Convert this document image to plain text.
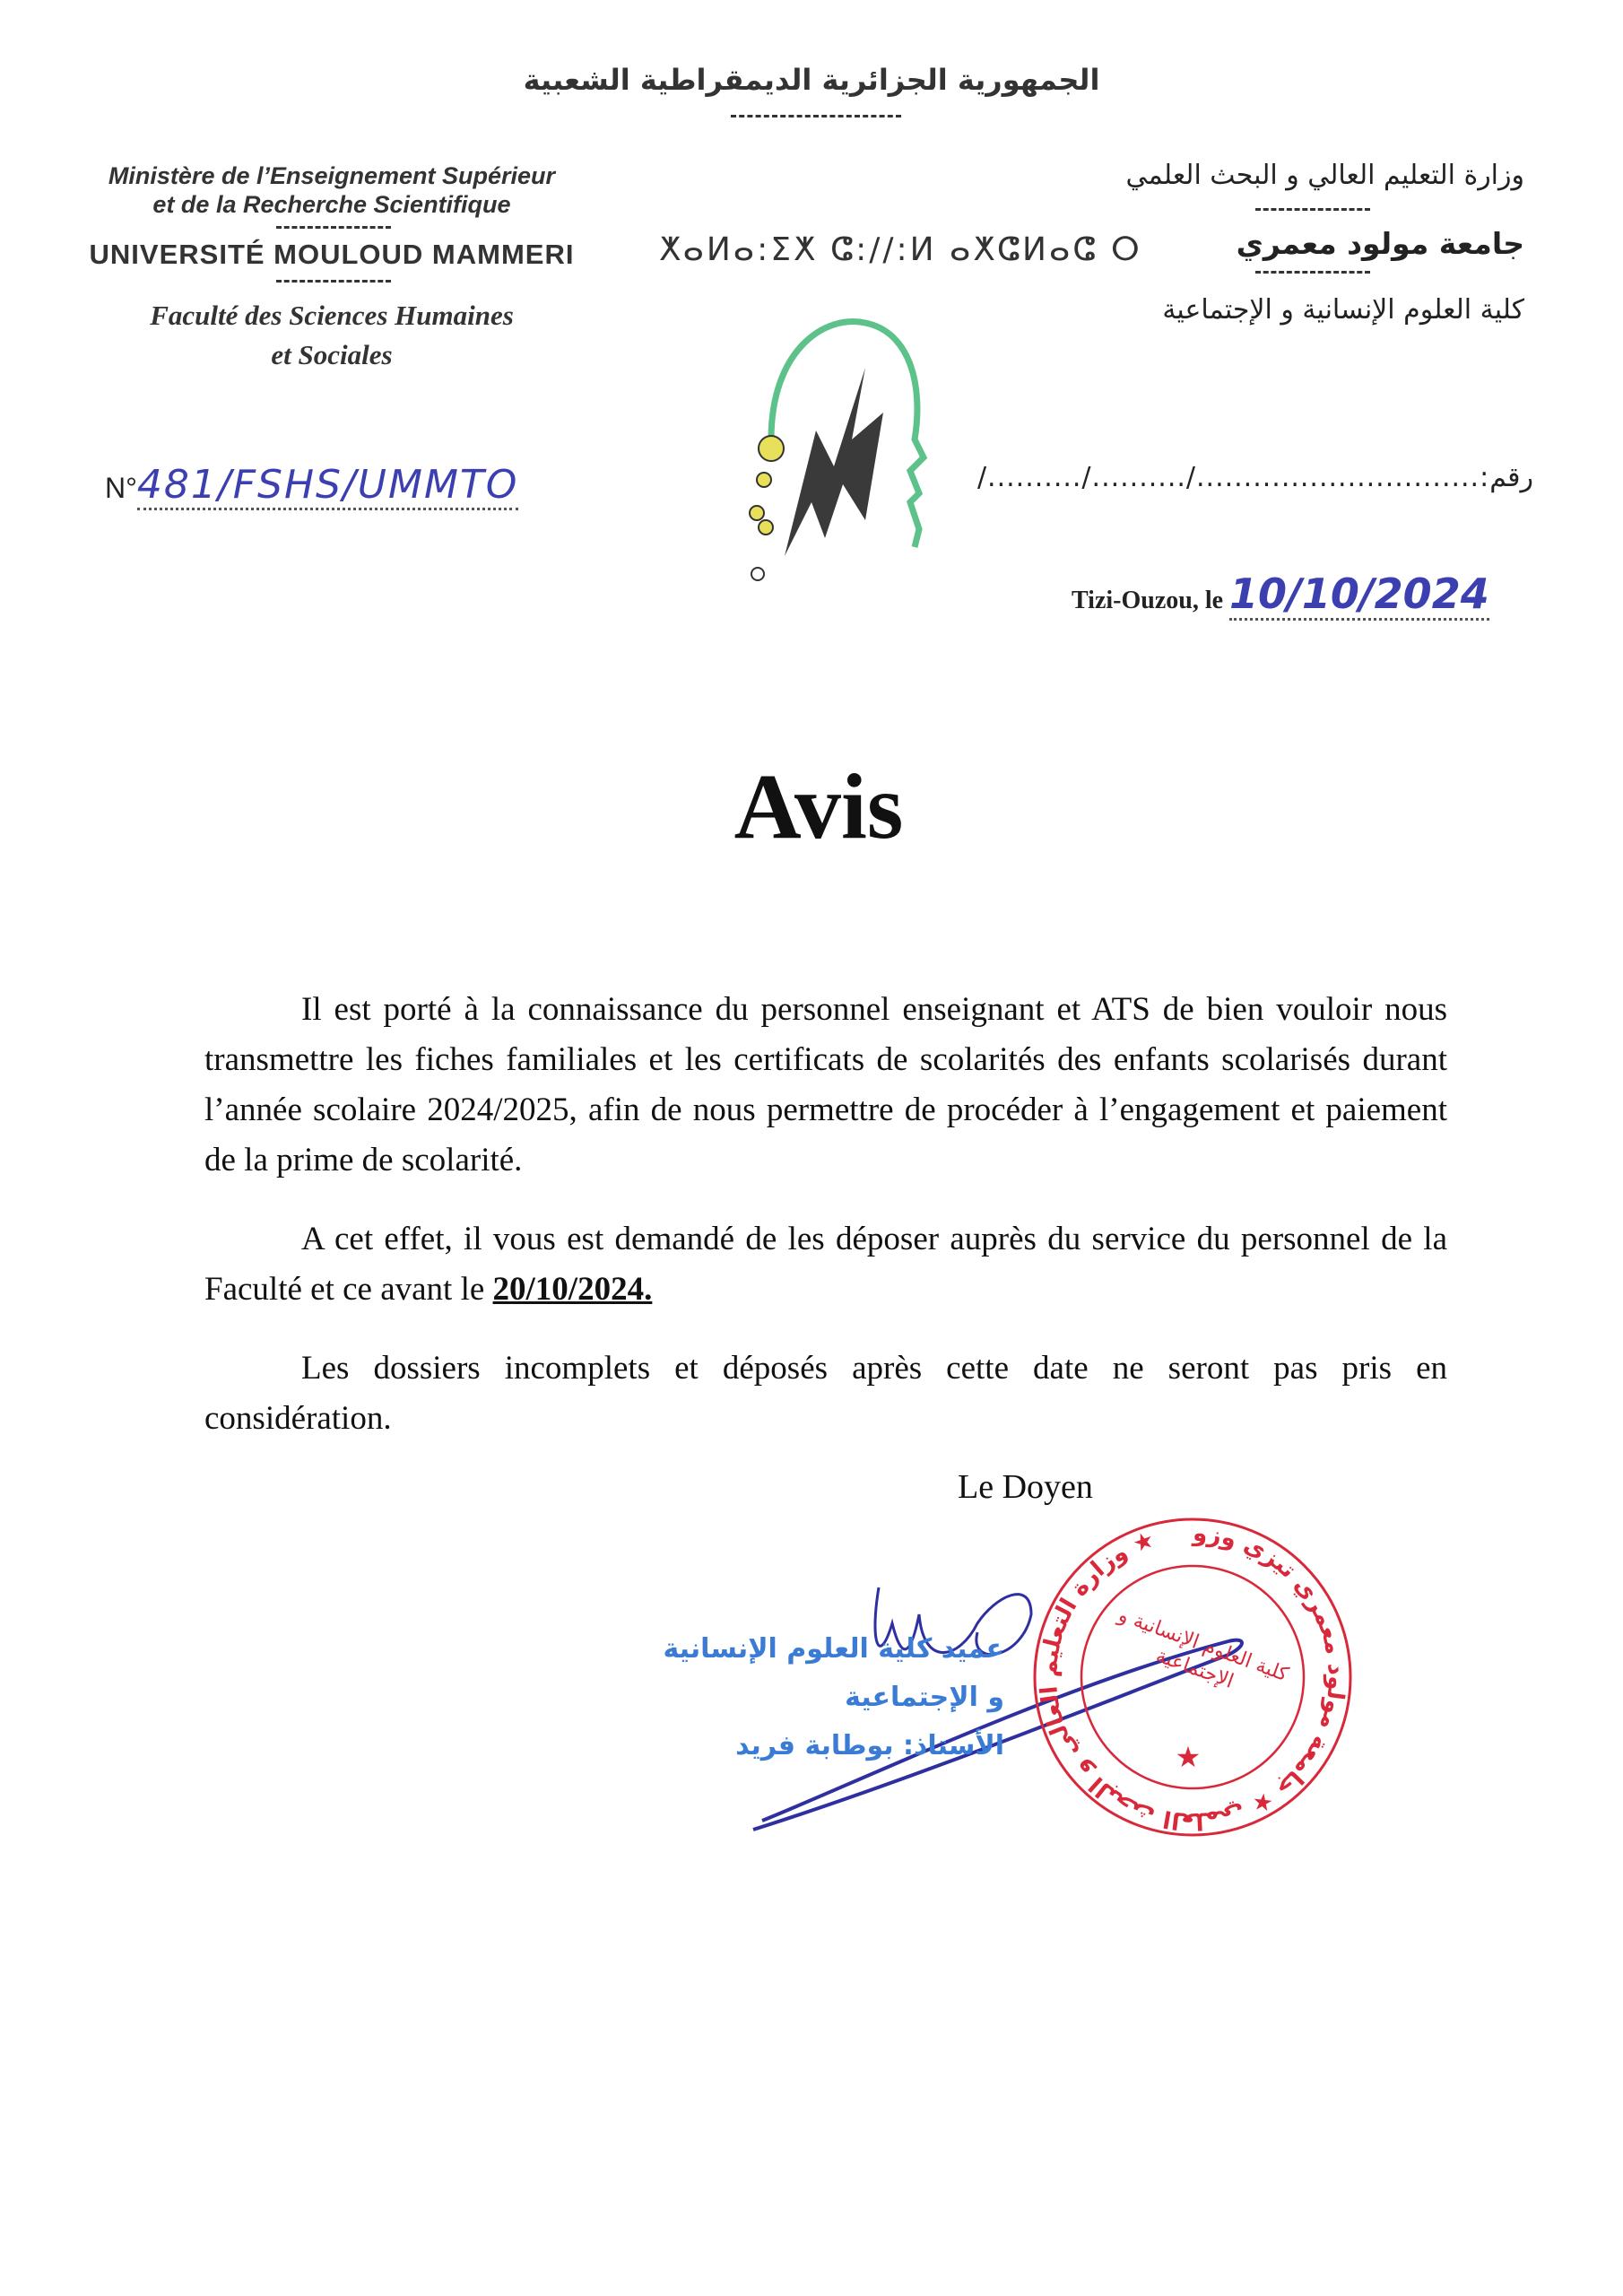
الجمهورية الجزائرية الديمقراطية الشعبية
Ministère de l’Enseignement Supérieur
et de la Recherche Scientifique
UNIVERSITÉ MOULOUD MAMMERI
Faculté des Sciences Humaines
et Sociales
ⵅⴰⵍⴰ:ⵉⵅ ⵛ://:ⵍ ⴰⵅⵛⵍⴰⵛ ⵔ
وزارة التعليم العالي و البحث العلمي
جامعة مولود معمري
كلية العلوم الإنسانية و الإجتماعية
N°481/FSHS/UMMTO	رقم/........../........../..............................:
Tizi-Ouzou, le 10/10/2024
Avis
Il est porté à la connaissance du personnel enseignant et ATS de bien vouloir nous transmettre les fiches familiales et les certificats de scolarités des enfants scolarisés durant l’année scolaire 2024/2025, afin de nous permettre de procéder à l’engagement et paiement de la prime de scolarité.
A cet effet, il vous est demandé de les déposer auprès du service du personnel de la Faculté et ce avant le 20/10/2024.
Les dossiers incomplets et déposés après cette date ne seront pas pris en considération.
Le Doyen
عميد كلية العلوم الإنسانية
و الإجتماعية
الأستاذ: بوطابة فريد
وزارة التعليم العالي و البحث العلمي ★ جامعة مولود معمري تيزي وزو ★
★
كلية العلوم الإنسانية و الإجتماعية
